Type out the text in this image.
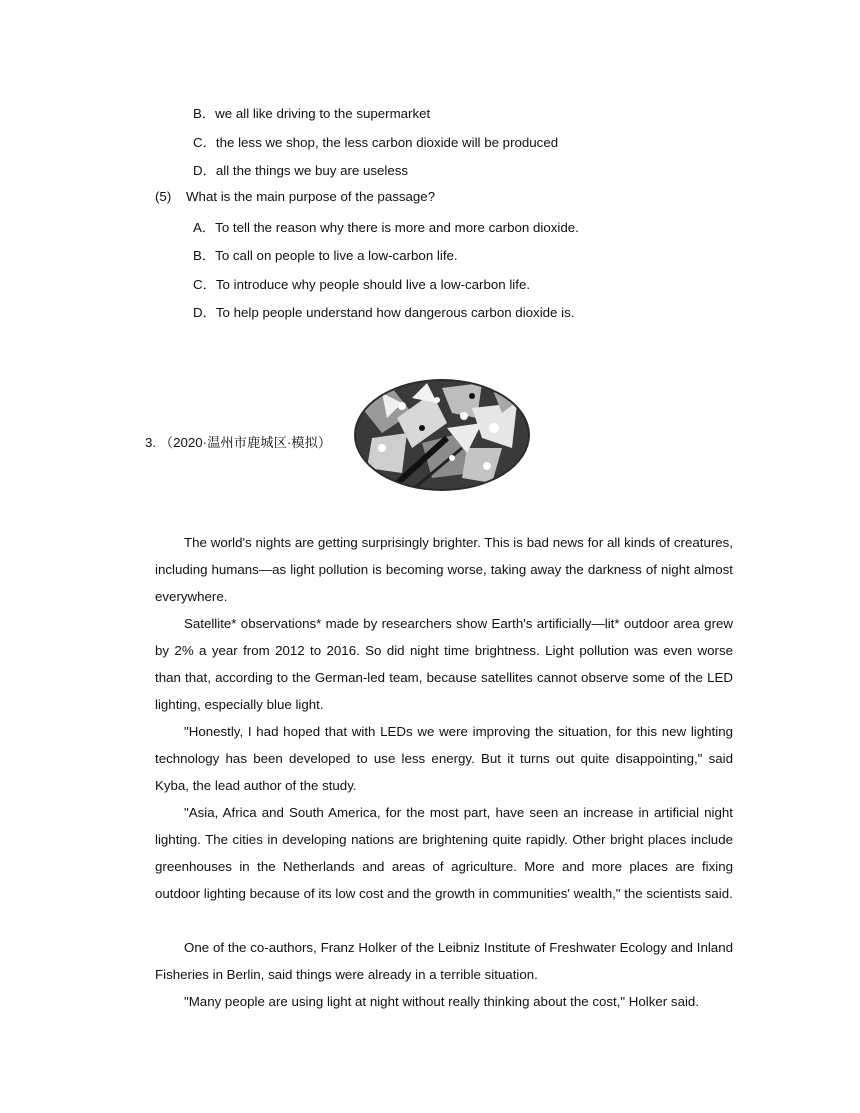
B．we all like driving to the supermarket
C．the less we shop, the less carbon dioxide will be produced
D．all the things we buy are useless
(5) What is the main purpose of the passage?
A．To tell the reason why there is more and more carbon dioxide.
B．To call on people to live a low-carbon life.
C．To introduce why people should live a low-carbon life.
D．To help people understand how dangerous carbon dioxide is.
3. （2020·温州市鹿城区·模拟）

The world's nights are getting surprisingly brighter. This is bad news for all kinds of creatures, including humans—as light pollution is becoming worse, taking away the darkness of night almost everywhere.

Satellite* observations* made by researchers show Earth's artificially—lit* outdoor area grew by 2% a year from 2012 to 2016. So did night time brightness. Light pollution was even worse than that, according to the German-led team, because satellites cannot observe some of the LED lighting, especially blue light.

"Honestly, I had hoped that with LEDs we were improving the situation, for this new lighting technology has been developed to use less energy. But it turns out quite disappointing," said Kyba, the lead author of the study.

"Asia, Africa and South America, for the most part, have seen an increase in artificial night lighting. The cities in developing nations are brightening quite rapidly. Other bright places include greenhouses in the Netherlands and areas of agriculture. More and more places are fixing outdoor lighting because of its low cost and the growth in communities' wealth," the scientists said.

One of the co-authors, Franz Holker of the Leibniz Institute of Freshwater Ecology and Inland Fisheries in Berlin, said things were already in a terrible situation.

"Many people are using light at night without really thinking about the cost," Holker said.
